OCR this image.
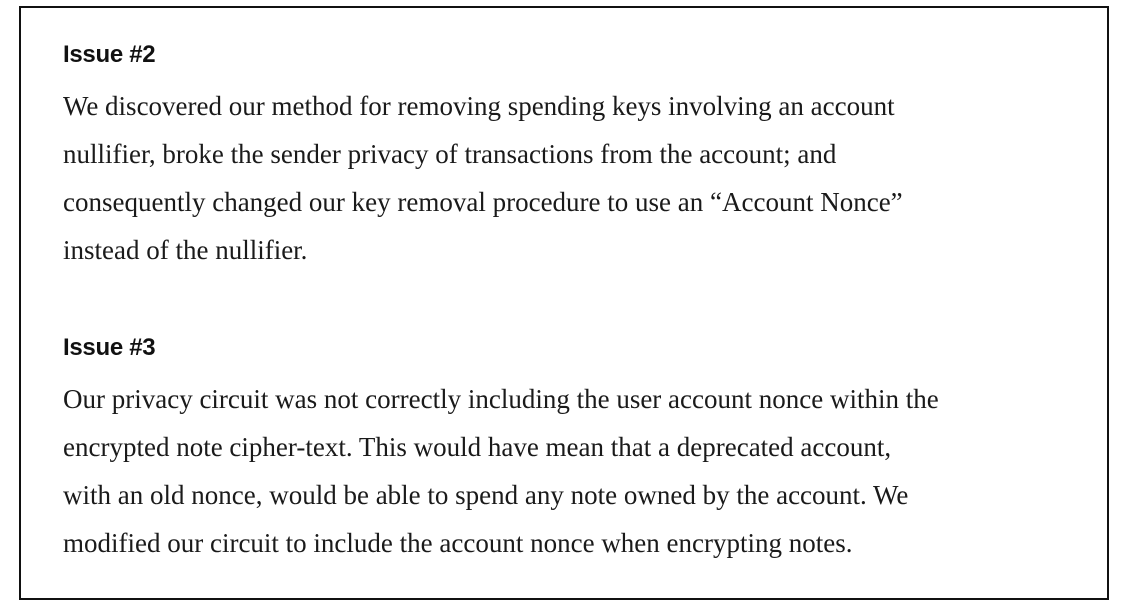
Issue #2

We discovered our method for removing spending keys involving an account
nullifier, broke the sender privacy of transactions from the account; and
consequently changed our key removal procedure to use an “Account Nonce”
instead of the nullifier.

Issue #3

Our privacy circuit was not correctly including the user account nonce within the
encrypted note cipher-text. This would have mean that a deprecated account,
with an old nonce, would be able to spend any note owned by the account. We
modified our circuit to include the account nonce when encrypting notes.
